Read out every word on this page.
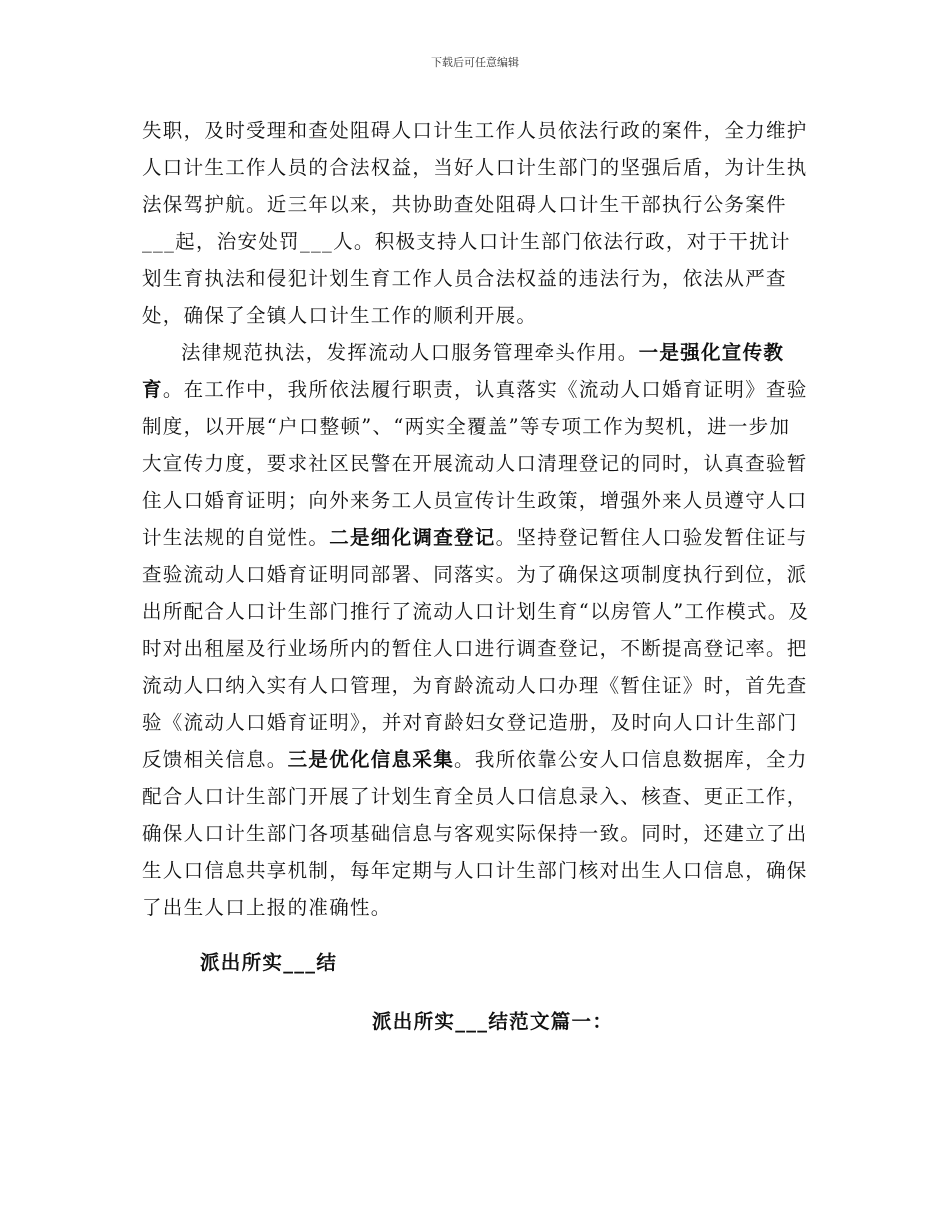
下载后可任意编辑

失职，及时受理和查处阻碍人口计生工作人员依法行政的案件，全力维护人口计生工作人员的合法权益，当好人口计生部门的坚强后盾，为计生执法保驾护航。近三年以来，共协助查处阻碍人口计生干部执行公务案件___起，治安处罚___人。积极支持人口计生部门依法行政，对于干扰计划生育执法和侵犯计划生育工作人员合法权益的违法行为，依法从严查处，确保了全镇人口计生工作的顺利开展。

法律规范执法，发挥流动人口服务管理牵头作用。一是强化宣传教育。在工作中，我所依法履行职责，认真落实《流动人口婚育证明》查验制度，以开展“户口整顿”、“两实全覆盖”等专项工作为契机，进一步加大宣传力度，要求社区民警在开展流动人口清理登记的同时，认真查验暂住人口婚育证明；向外来务工人员宣传计生政策，增强外来人员遵守人口计生法规的自觉性。二是细化调查登记。坚持登记暂住人口验发暂住证与查验流动人口婚育证明同部署、同落实。为了确保这项制度执行到位，派出所配合人口计生部门推行了流动人口计划生育“以房管人”工作模式。及时对出租屋及行业场所内的暂住人口进行调查登记，不断提高登记率。把流动人口纳入实有人口管理，为育龄流动人口办理《暂住证》时，首先查验《流动人口婚育证明》，并对育龄妇女登记造册，及时向人口计生部门反馈相关信息。三是优化信息采集。我所依靠公安人口信息数据库，全力配合人口计生部门开展了计划生育全员人口信息录入、核查、更正工作，确保人口计生部门各项基础信息与客观实际保持一致。同时，还建立了出生人口信息共享机制，每年定期与人口计生部门核对出生人口信息，确保了出生人口上报的准确性。

派出所实___结

派出所实___结范文篇一：
